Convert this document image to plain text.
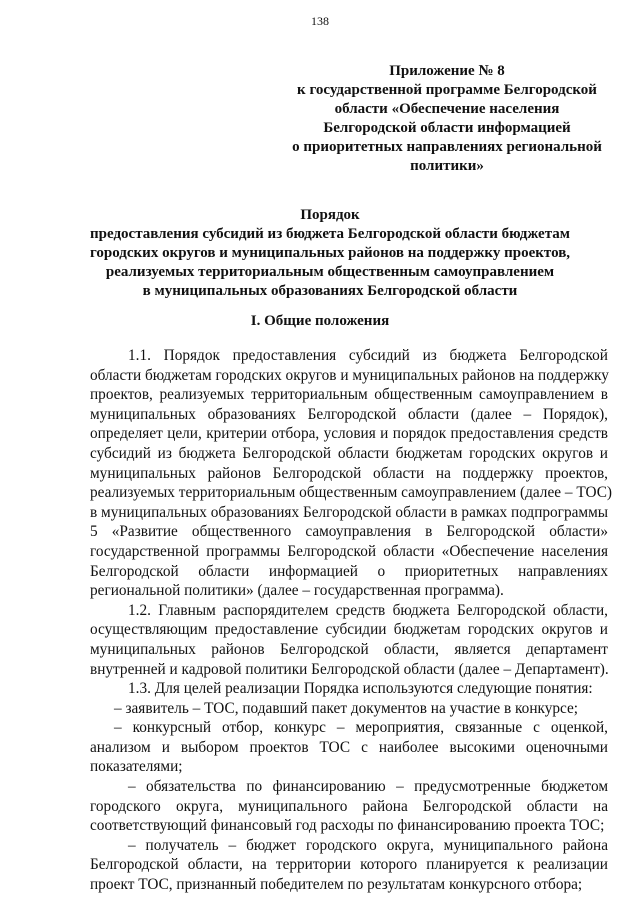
138
Приложение № 8
к государственной программе Белгородской
области «Обеспечение населения
Белгородской области информацией
о приоритетных направлениях региональной
политики»
Порядок
предоставления субсидий из бюджета Белгородской области бюджетам
городских округов и муниципальных районов на поддержку проектов,
реализуемых территориальным общественным самоуправлением
в муниципальных образованиях Белгородской области
I. Общие положения
1.1. Порядок предоставления субсидий из бюджета Белгородской
области бюджетам городских округов и муниципальных районов на поддержку
проектов, реализуемых территориальным общественным самоуправлением в
муниципальных образованиях Белгородской области (далее – Порядок),
определяет цели, критерии отбора, условия и порядок предоставления средств
субсидий из бюджета Белгородской области бюджетам городских округов и
муниципальных районов Белгородской области на поддержку проектов,
реализуемых территориальным общественным самоуправлением (далее – ТОС)
в муниципальных образованиях Белгородской области в рамках подпрограммы
5 «Развитие общественного самоуправления в Белгородской области»
государственной программы Белгородской области «Обеспечение населения
Белгородской области информацией о приоритетных направлениях
региональной политики» (далее – государственная программа).
1.2. Главным распорядителем средств бюджета Белгородской области,
осуществляющим предоставление субсидии бюджетам городских округов и
муниципальных районов Белгородской области, является департамент
внутренней и кадровой политики Белгородской области (далее – Департамент).
1.3. Для целей реализации Порядка используются следующие понятия:
– заявитель – ТОС, подавший пакет документов на участие в конкурсе;
– конкурсный отбор, конкурс – мероприятия, связанные с оценкой,
анализом и выбором проектов ТОС с наиболее высокими оценочными
показателями;
– обязательства по финансированию – предусмотренные бюджетом
городского округа, муниципального района Белгородской области на
соответствующий финансовый год расходы по финансированию проекта ТОС;
– получатель – бюджет городского округа, муниципального района
Белгородской области, на территории которого планируется к реализации
проект ТОС, признанный победителем по результатам конкурсного отбора;
